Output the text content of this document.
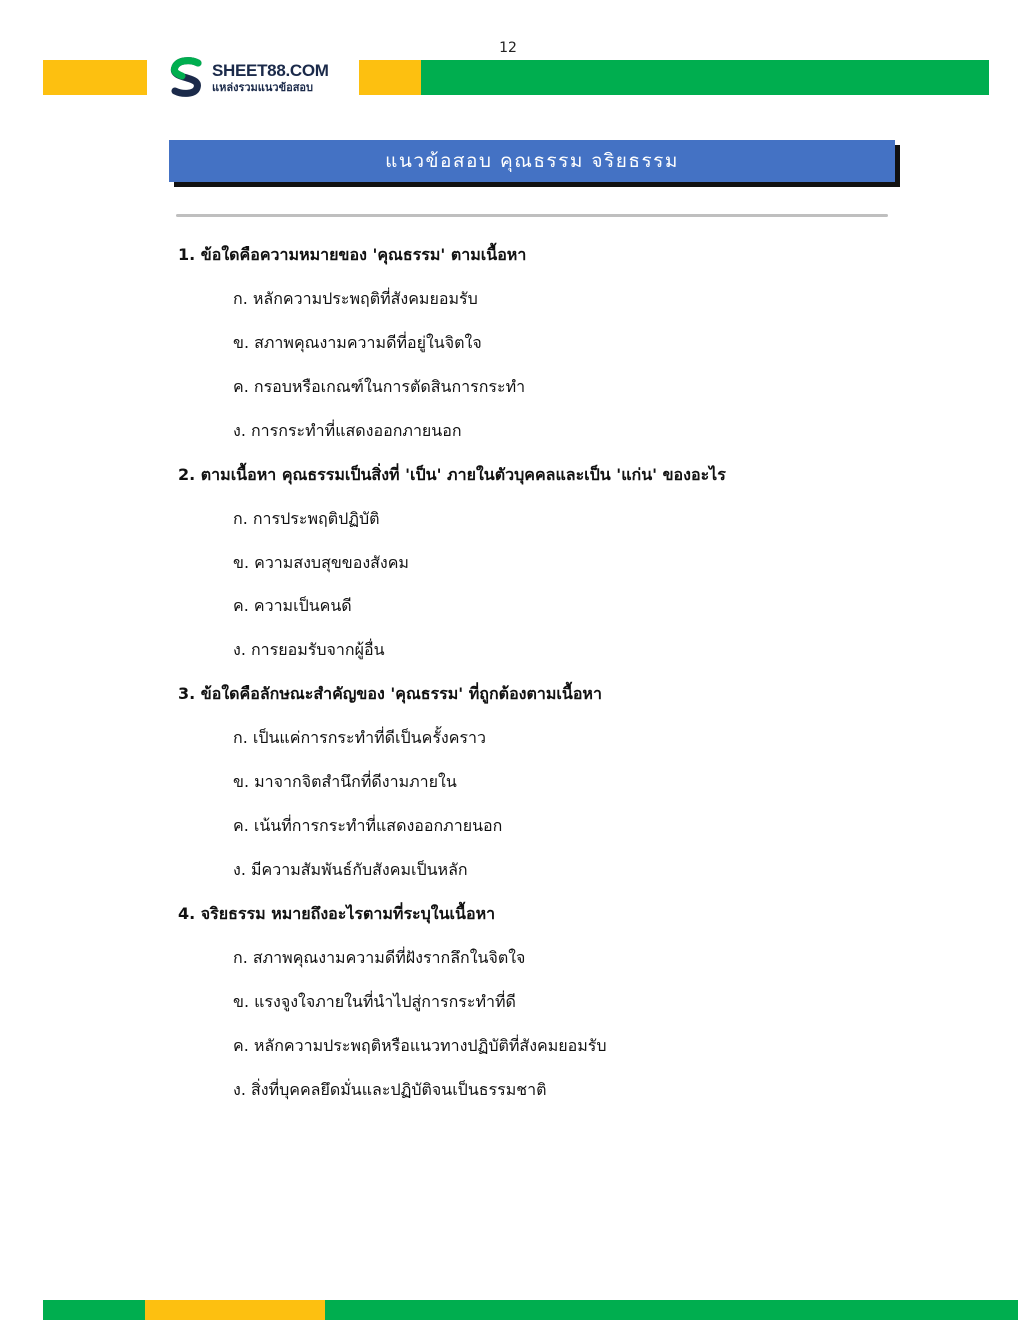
12
SHEET88.COM
แหล่งรวมแนวข้อสอบ
แนวข้อสอบ คุณธรรม จริยธรรม
1. ข้อใดคือความหมายของ 'คุณธรรม' ตามเนื้อหา
ก. หลักความประพฤติที่สังคมยอมรับ
ข. สภาพคุณงามความดีที่อยู่ในจิตใจ
ค. กรอบหรือเกณฑ์ในการตัดสินการกระทำ
ง. การกระทำที่แสดงออกภายนอก
2. ตามเนื้อหา คุณธรรมเป็นสิ่งที่ 'เป็น' ภายในตัวบุคคลและเป็น 'แก่น' ของอะไร
ก. การประพฤติปฏิบัติ
ข. ความสงบสุขของสังคม
ค. ความเป็นคนดี
ง. การยอมรับจากผู้อื่น
3. ข้อใดคือลักษณะสำคัญของ 'คุณธรรม' ที่ถูกต้องตามเนื้อหา
ก. เป็นแค่การกระทำที่ดีเป็นครั้งคราว
ข. มาจากจิตสำนึกที่ดีงามภายใน
ค. เน้นที่การกระทำที่แสดงออกภายนอก
ง. มีความสัมพันธ์กับสังคมเป็นหลัก
4. จริยธรรม หมายถึงอะไรตามที่ระบุในเนื้อหา
ก. สภาพคุณงามความดีที่ฝังรากลึกในจิตใจ
ข. แรงจูงใจภายในที่นำไปสู่การกระทำที่ดี
ค. หลักความประพฤติหรือแนวทางปฏิบัติที่สังคมยอมรับ
ง. สิ่งที่บุคคลยึดมั่นและปฏิบัติจนเป็นธรรมชาติ
